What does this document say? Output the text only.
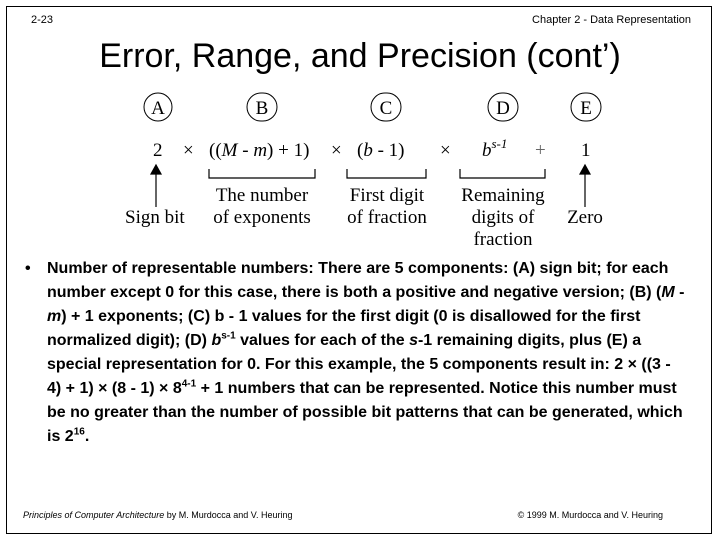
2-23	Chapter 2 - Data Representation
Error, Range, and Precision (cont’)
A	B	C	D	E
$2 \times ((M - m) + 1) \times (b - 1) \times b^{s-1} + 1$
Sign bit
The number
of exponents
First digit
of fraction
Remaining
digits of
fraction
Zero
• Number of representable numbers: There are 5 components: (A) sign bit; for each number except 0 for this case, there is both a positive and negative version; (B) (M - m) + 1 exponents; (C) b - 1 values for the first digit (0 is disallowed for the first normalized digit); (D) $b^{s-1}$ values for each of the s-1 remaining digits, plus (E) a special representation for 0. For this example, the 5 components result in: $2 \times ((3 - 4) + 1) \times (8 - 1) \times 8^{4-1} + 1$ numbers that can be represented. Notice this number must be no greater than the number of possible bit patterns that can be generated, which is $2^{16}$.
Principles of Computer Architecture by M. Murdocca and V. Heuring	© 1999 M. Murdocca and V. Heuring
